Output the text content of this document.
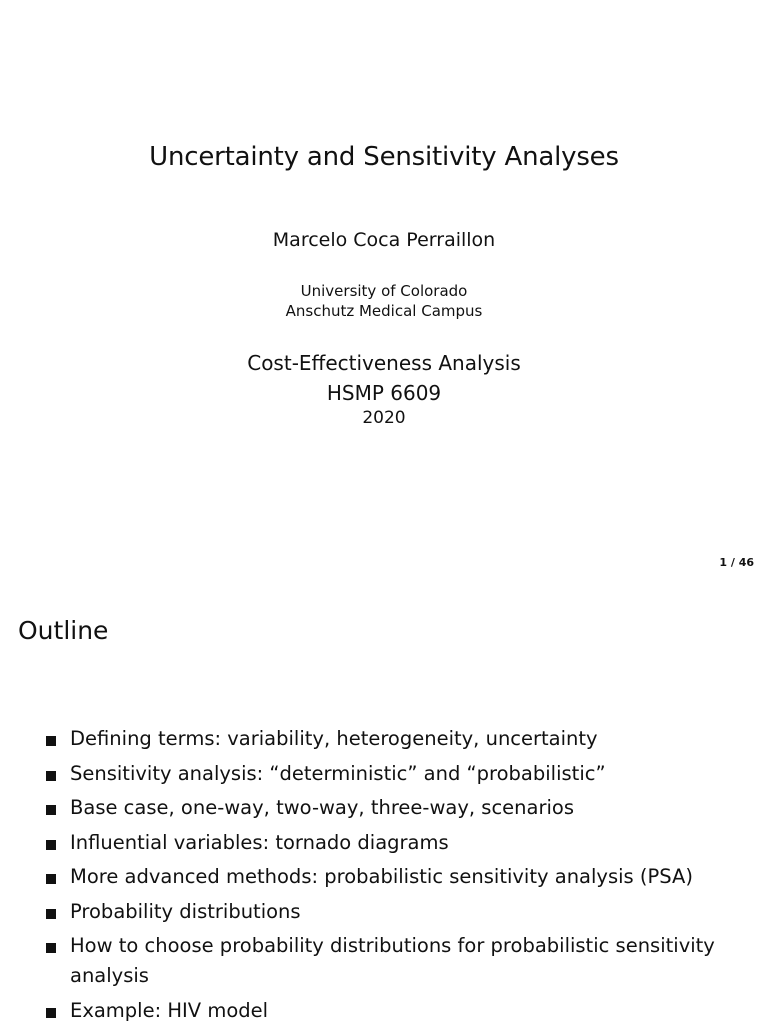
Uncertainty and Sensitivity Analyses
Marcelo Coca Perraillon
University of Colorado
Anschutz Medical Campus
Cost-Effectiveness Analysis
HSMP 6609
2020
1 / 46
Outline
Defining terms: variability, heterogeneity, uncertainty
Sensitivity analysis: “deterministic” and “probabilistic”
Base case, one-way, two-way, three-way, scenarios
Influential variables: tornado diagrams
More advanced methods: probabilistic sensitivity analysis (PSA)
Probability distributions
How to choose probability distributions for probabilistic sensitivity analysis
Example: HIV model
